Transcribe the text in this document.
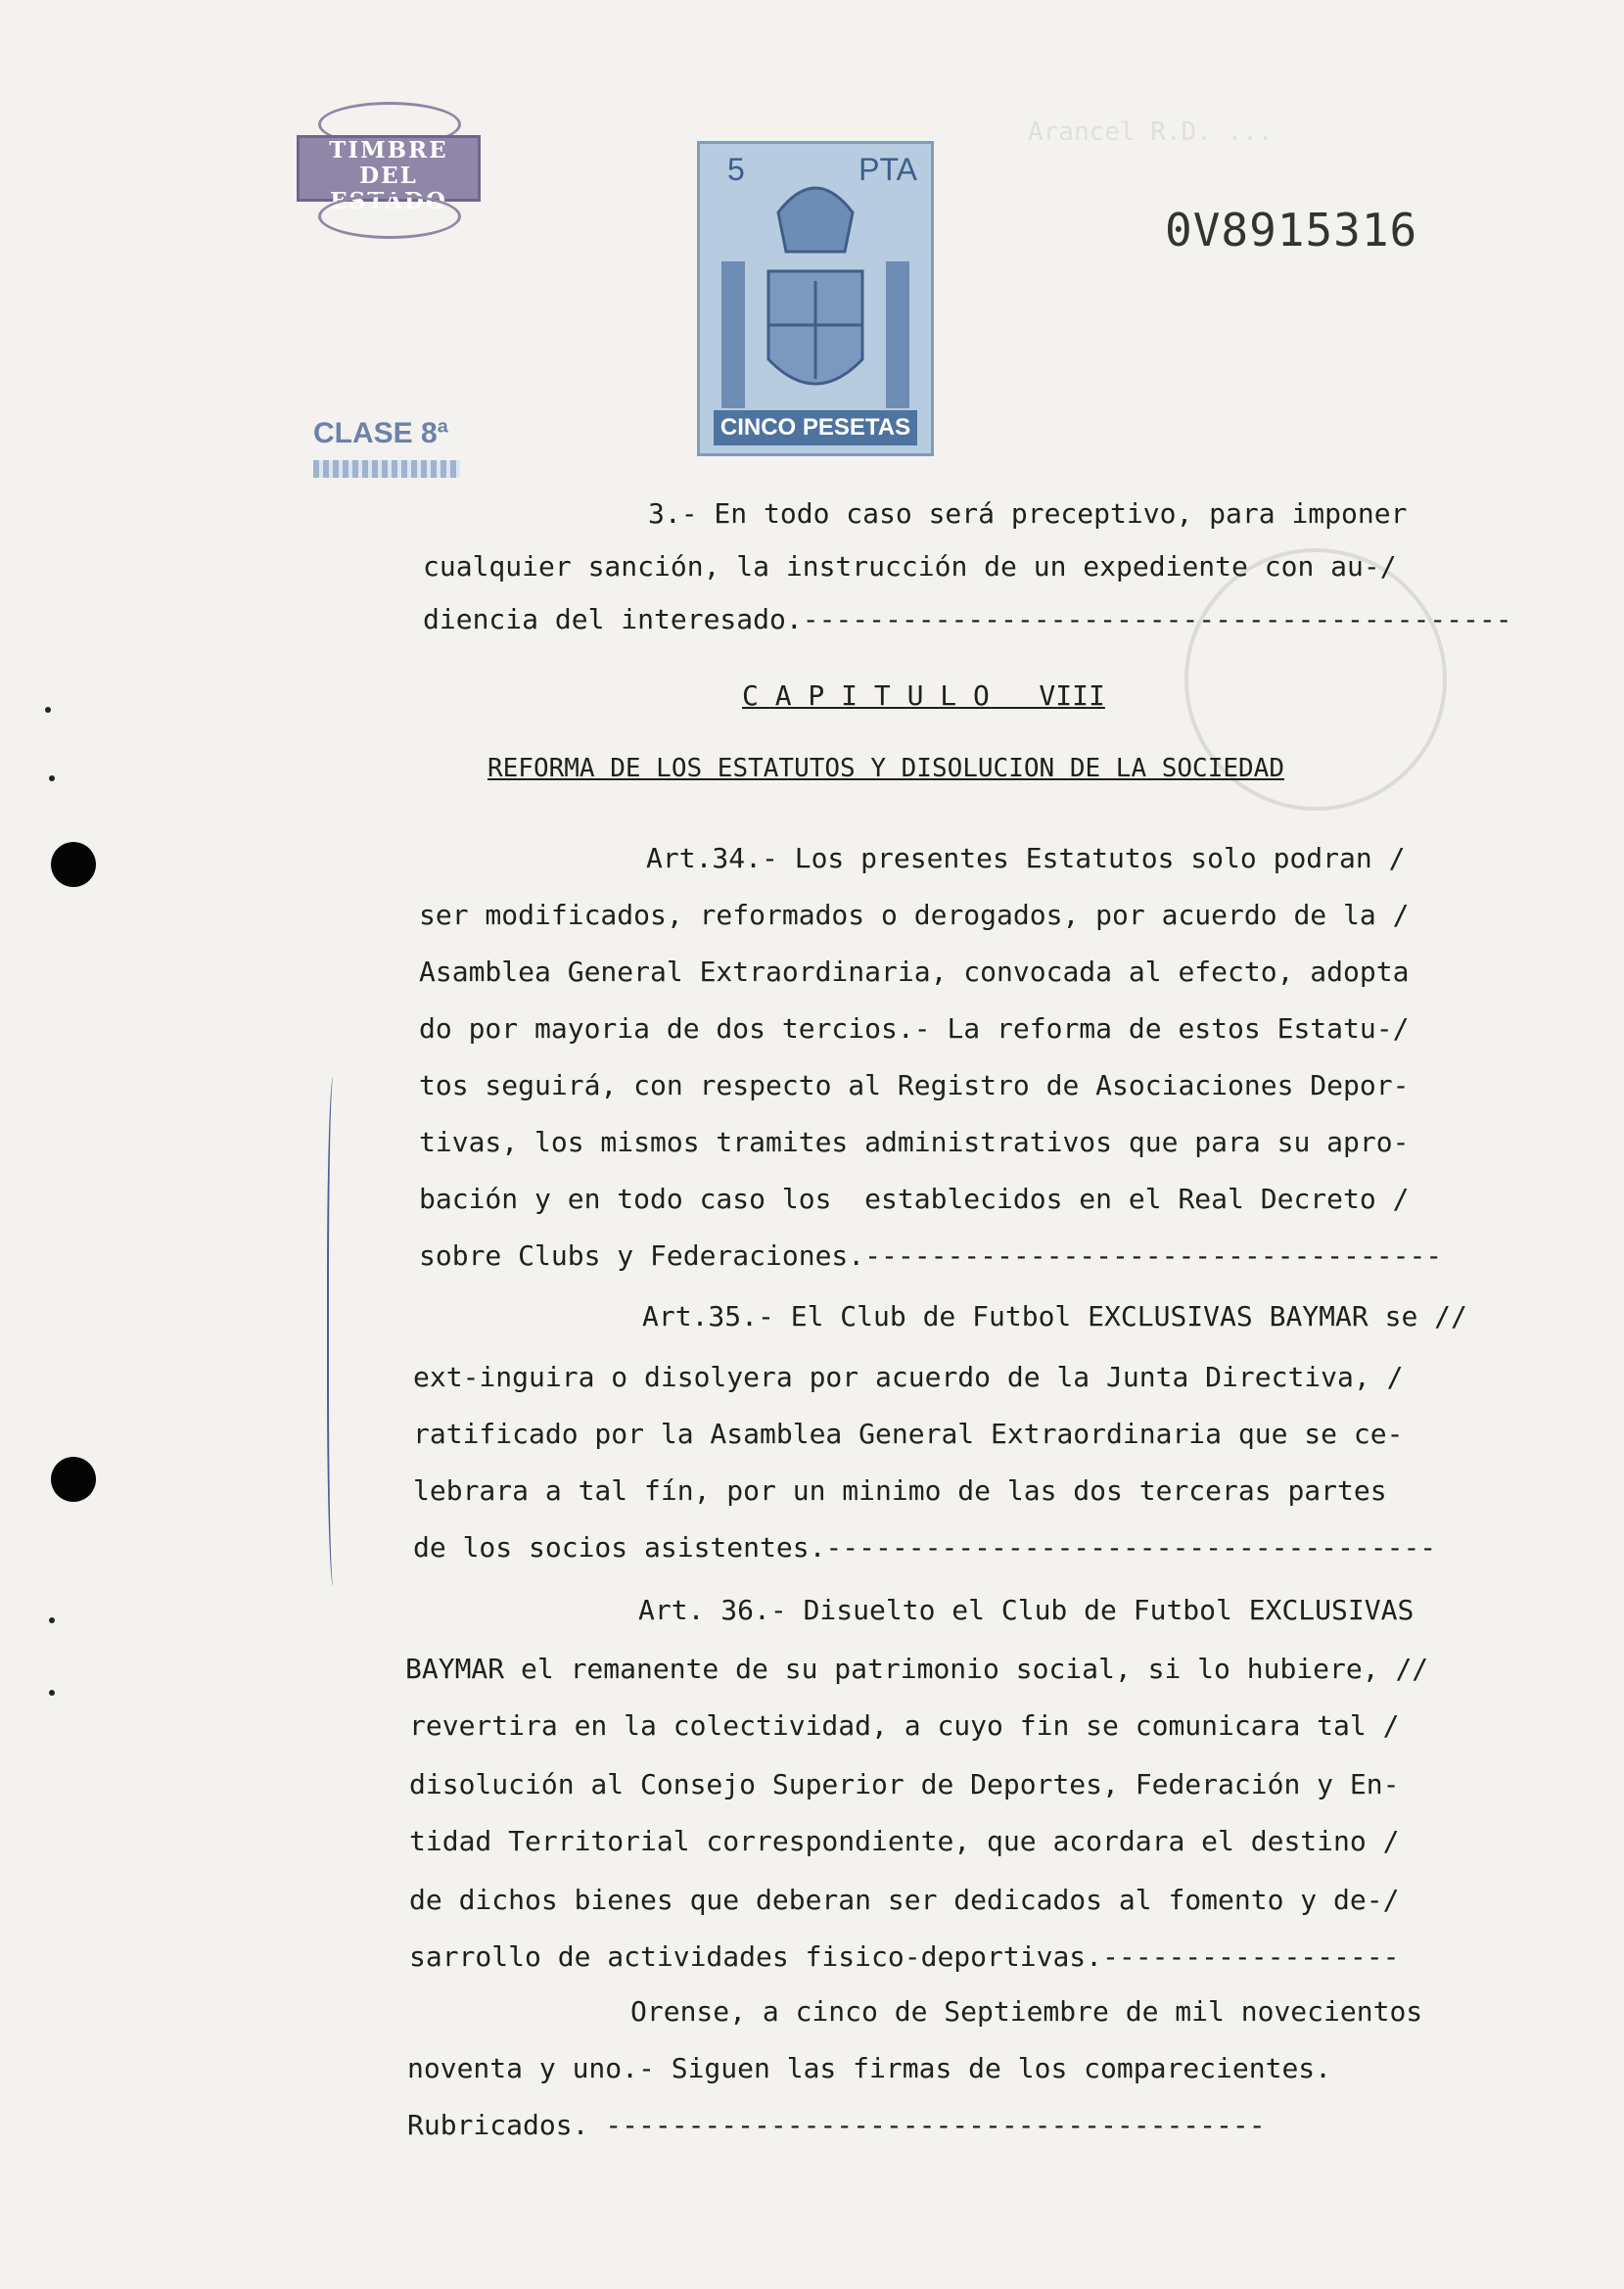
Arancel R.D. ...
TIMBRE
DEL ESTADO
5	PTA
CINCO PESETAS
0V8915316
CLASE 8ª
3.- En todo caso será preceptivo, para imponer
cualquier sanción, la instrucción de un expediente con au-/
diencia del interesado.-------------------------------------------
C A P I T U L O   VIII
REFORMA DE LOS ESTATUTOS Y DISOLUCION DE LA SOCIEDAD
Art.34.- Los presentes Estatutos solo podran /
ser modificados, reformados o derogados, por acuerdo de la /
Asamblea General Extraordinaria, convocada al efecto, adopta
do por mayoria de dos tercios.- La reforma de estos Estatu-/
tos seguirá, con respecto al Registro de Asociaciones Depor-
tivas, los mismos tramites administrativos que para su apro-
bación y en todo caso los  establecidos en el Real Decreto /
sobre Clubs y Federaciones.-----------------------------------
Art.35.- El Club de Futbol EXCLUSIVAS BAYMAR se //
ext-inguira o disolyera por acuerdo de la Junta Directiva, /
ratificado por la Asamblea General Extraordinaria que se ce-
lebrara a tal fín, por un minimo de las dos terceras partes
de los socios asistentes.-------------------------------------
Art. 36.- Disuelto el Club de Futbol EXCLUSIVAS
BAYMAR el remanente de su patrimonio social, si lo hubiere, //
revertira en la colectividad, a cuyo fin se comunicara tal /
disolución al Consejo Superior de Deportes, Federación y En-
tidad Territorial correspondiente, que acordara el destino /
de dichos bienes que deberan ser dedicados al fomento y de-/
sarrollo de actividades fisico-deportivas.------------------
Orense, a cinco de Septiembre de mil novecientos
noventa y uno.- Siguen las firmas de los comparecientes.
Rubricados. ----------------------------------------
